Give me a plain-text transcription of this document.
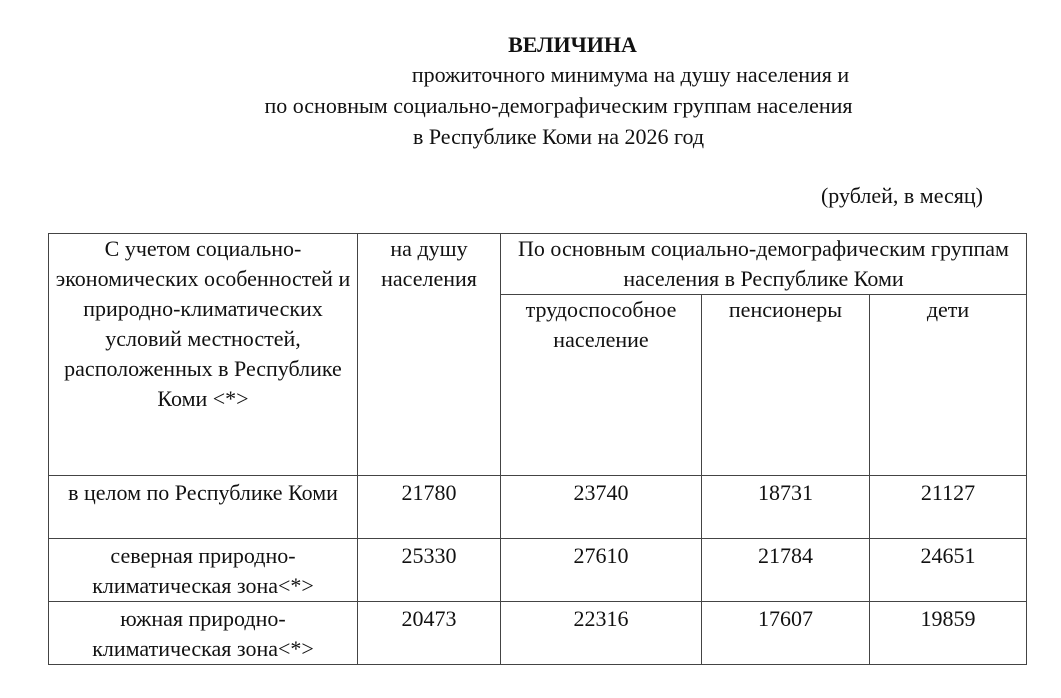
ВЕЛИЧИНА
прожиточного минимума на душу населения и
по основным социально-демографическим группам населения
в Республике Коми на 2026 год
(рублей, в месяц)
С учетом социально-экономических особенностей и природно-климатических условий местностей, расположенных в Республике Коми <*>	на душу населения	По основным социально-демографическим группам населения в Республике Коми		
		трудоспособное население	пенсионеры	дети
в целом по Республике Коми	21780	23740	18731	21127
северная природно-климатическая зона<*>	25330	27610	21784	24651
южная природно-климатическая зона<*>	20473	22316	17607	19859
